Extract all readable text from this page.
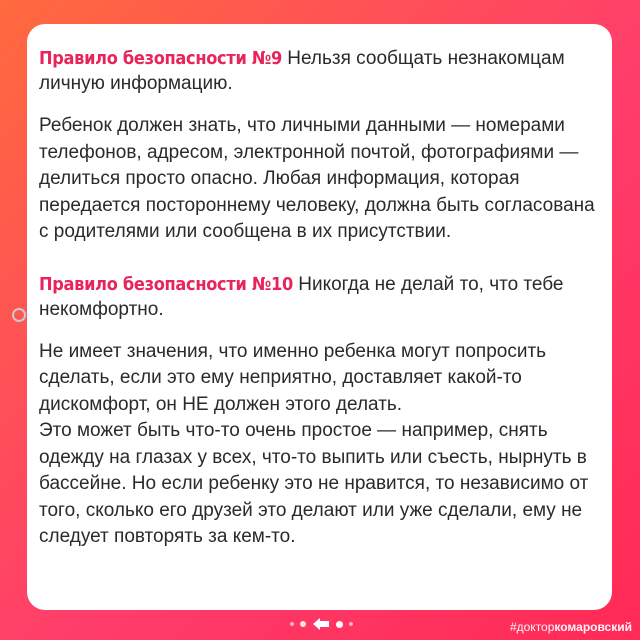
Правило безопасности №9 Нельзя сообщать незнакомцам личную информацию.

Ребенок должен знать, что личными данными — номерами телефонов, адресом, электронной почтой, фотографиями — делиться просто опасно. Любая информация, которая передается постороннему человеку, должна быть согласована с родителями или сообщена в их присутствии.

Правило безопасности №10 Никогда не делай то, что тебе некомфортно.

Не имеет значения, что именно ребенка могут попросить сделать, если это ему неприятно, доставляет какой-то дискомфорт, он НЕ должен этого делать.

Это может быть что-то очень простое — например, снять одежду на глазах у всех, что-то выпить или съесть, нырнуть в бассейне. Но если ребенку это не нравится, то независимо от того, сколько его друзей это делают или уже сделали, ему не следует повторять за кем-то.

#докторкомаровский
